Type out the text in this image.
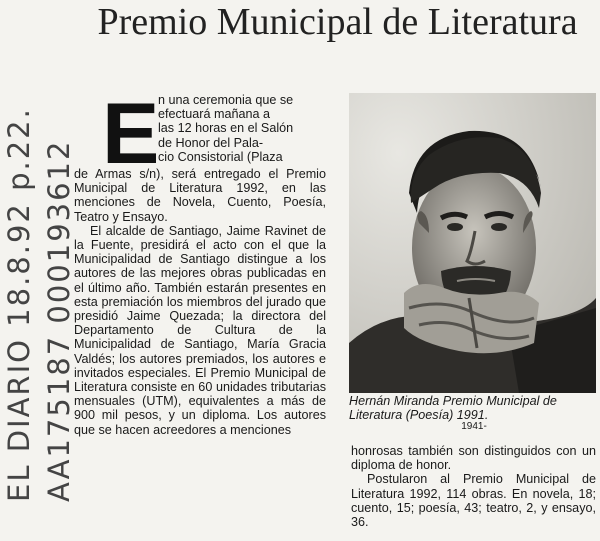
Premio Municipal de Literatura
EL DIARIO 18.8.92 p.22. AA175187 000193612
E

n una ceremonia que se

efectuará mañana a

las 12 horas en el Salón

de Honor del Pala-

cio Consistorial (Plaza

de Armas s/n), será entregado el Premio Municipal de Literatura 1992, en las menciones de Novela, Cuento, Poesía, Teatro y Ensayo.

El alcalde de Santiago, Jaime Ravinet de la Fuente, presidirá el acto con el que la Municipalidad de Santiago distingue a los autores de las mejores obras publicadas en el último año. También estarán presentes en esta premiación los miembros del jurado que presidió Jaime Quezada; la directora del Departamento de Cultura de la Municipalidad de Santiago, María Gracia Valdés; los autores premiados, los autores e invitados especiales. El Premio Municipal de Literatura consiste en 60 unidades tributarias mensuales (UTM), equivalentes a más de 900 mil pesos, y un diploma. Los autores que se hacen acreedores a menciones

Hernán Miranda Premio Municipal de Literatura (Poesía) 1991.
1941-

honrosas también son distinguidos con un diploma de honor.

Postularon al Premio Municipal de Literatura 1992, 114 obras. En novela, 18; cuento, 15; poesía, 43; teatro, 2, y ensayo, 36.
